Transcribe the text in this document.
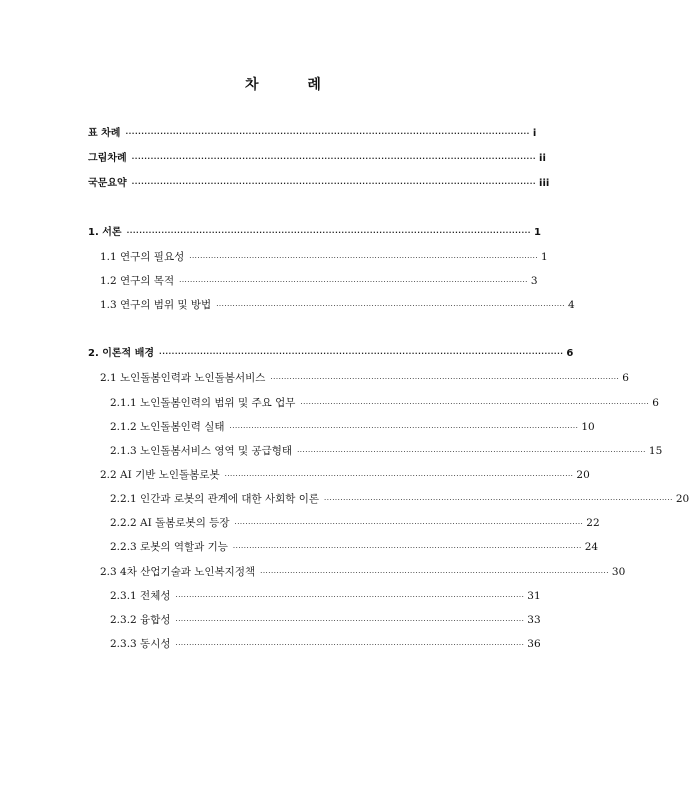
차 례
표 차례 ································································································································ i
그림차례 ································································································································ ii
국문요약 ································································································································ iii
1. 서론 ································································································································ 1
1.1 연구의 필요성 ································································································································ 1
1.2 연구의 목적 ································································································································ 3
1.3 연구의 범위 및 방법 ································································································································ 4
2. 이론적 배경 ································································································································ 6
2.1 노인돌봄인력과 노인돌봄서비스 ································································································································ 6
2.1.1 노인돌봄인력의 범위 및 주요 업무 ································································································································ 6
2.1.2 노인돌봄인력 실태 ································································································································ 10
2.1.3 노인돌봄서비스 영역 및 공급형태 ································································································································ 15
2.2 AI 기반 노인돌봄로봇 ································································································································ 20
2.2.1 인간과 로봇의 관계에 대한 사회학 이론 ································································································································ 20
2.2.2 AI 돌봄로봇의 등장 ································································································································ 22
2.2.3 로봇의 역할과 기능 ································································································································ 24
2.3 4차 산업기술과 노인복지정책 ································································································································ 30
2.3.1 전체성 ································································································································ 31
2.3.2 융합성 ································································································································ 33
2.3.3 동시성 ································································································································ 36
